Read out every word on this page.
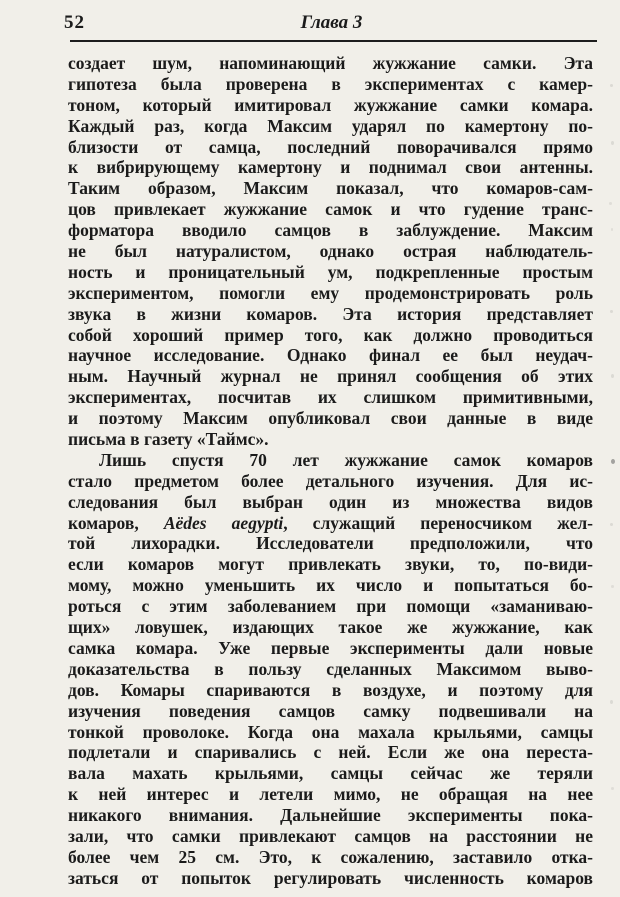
52	Глава 3
создает шум, напоминающий жужжание самки. Эта
гипотеза была проверена в экспериментах с камер-
тоном, который имитировал жужжание самки комара.
Каждый раз, когда Максим ударял по камертону по-
близости от самца, последний поворачивался прямо
к вибрирующему камертону и поднимал свои антенны.
Таким образом, Максим показал, что комаров-сам-
цов привлекает жужжание самок и что гудение транс-
форматора вводило самцов в заблуждение. Максим
не был натуралистом, однако острая наблюдатель-
ность и проницательный ум, подкрепленные простым
экспериментом, помогли ему продемонстрировать роль
звука в жизни комаров. Эта история представляет
собой хороший пример того, как должно проводиться
научное исследование. Однако финал ее был неудач-
ным. Научный журнал не принял сообщения об этих
экспериментах, посчитав их слишком примитивными,
и поэтому Максим опубликовал свои данные в виде
письма в газету «Таймс».
Лишь спустя 70 лет жужжание самок комаров
стало предметом более детального изучения. Для ис-
следования был выбран один из множества видов
комаров, Aëdes aegypti, служащий переносчиком жел-
той лихорадки. Исследователи предположили, что
если комаров могут привлекать звуки, то, по-види-
мому, можно уменьшить их число и попытаться бо-
роться с этим заболеванием при помощи «заманиваю-
щих» ловушек, издающих такое же жужжание, как
самка комара. Уже первые эксперименты дали новые
доказательства в пользу сделанных Максимом выво-
дов. Комары спариваются в воздухе, и поэтому для
изучения поведения самцов самку подвешивали на
тонкой проволоке. Когда она махала крыльями, самцы
подлетали и спаривались с ней. Если же она переста-
вала махать крыльями, самцы сейчас же теряли
к ней интерес и летели мимо, не обращая на нее
никакого внимания. Дальнейшие эксперименты пока-
зали, что самки привлекают самцов на расстоянии не
более чем 25 см. Это, к сожалению, заставило отка-
заться от попыток регулировать численность комаров
